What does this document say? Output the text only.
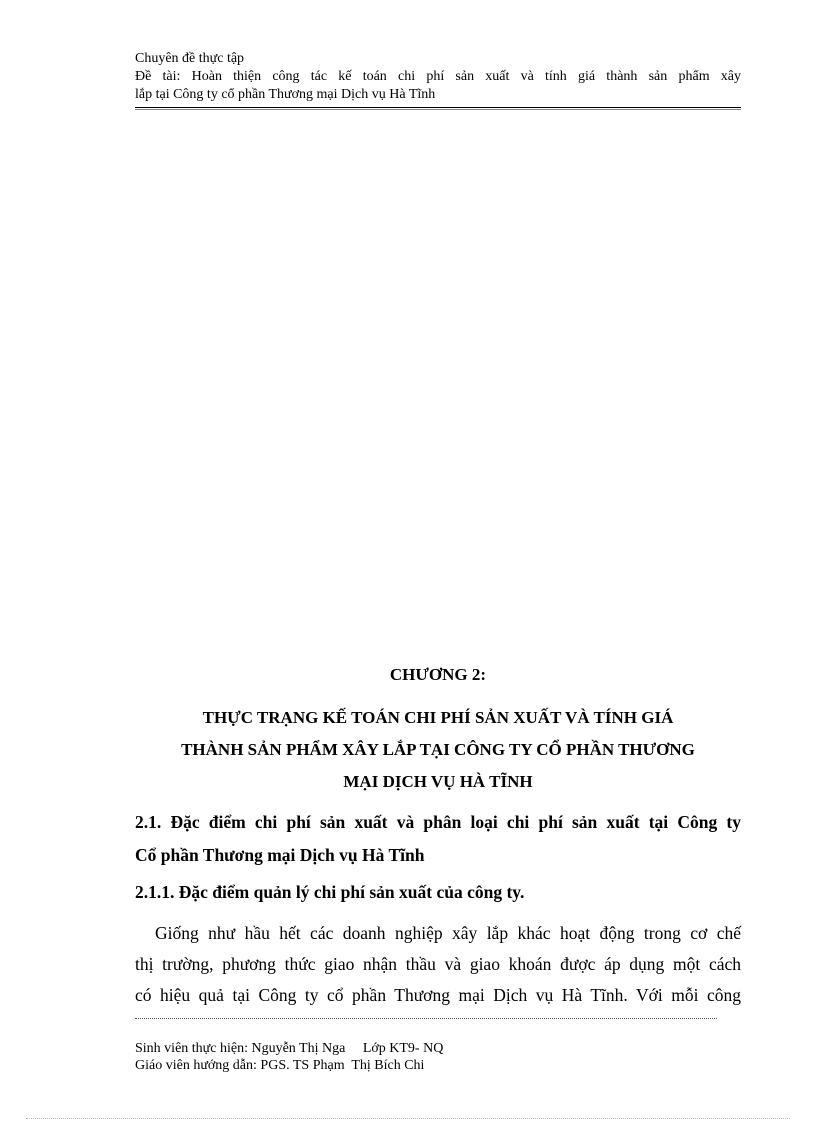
Chuyên đề thực tập
Đề tài: Hoàn thiện công tác kế toán chi phí sản xuất và tính giá thành sản phẩm xây
lắp tại Công ty cổ phần Thương mại Dịch vụ Hà Tĩnh
CHƯƠNG 2:
THỰC TRẠNG KẾ TOÁN CHI PHÍ SẢN XUẤT VÀ TÍNH GIÁ
THÀNH SẢN PHẨM XÂY LẮP TẠI CÔNG TY CỔ PHẦN THƯƠNG
MẠI DỊCH VỤ HÀ TĨNH
2.1. Đặc điểm chi phí sản xuất và phân loại chi phí sản xuất tại Công ty
Cổ phần Thương mại Dịch vụ Hà Tĩnh
2.1.1. Đặc điểm quản lý chi phí sản xuất của công ty.
Giống như hầu hết các doanh nghiệp xây lắp khác hoạt động trong cơ chế
thị trường, phương thức giao nhận thầu và giao khoán được áp dụng một cách
có hiệu quả tại Công ty cổ phần Thương mại Dịch vụ Hà Tĩnh. Với mỗi công
Sinh viên thực hiện: Nguyễn Thị Nga Lớp KT9- NQ
Giáo viên hướng dẫn: PGS. TS Phạm  Thị Bích Chi
